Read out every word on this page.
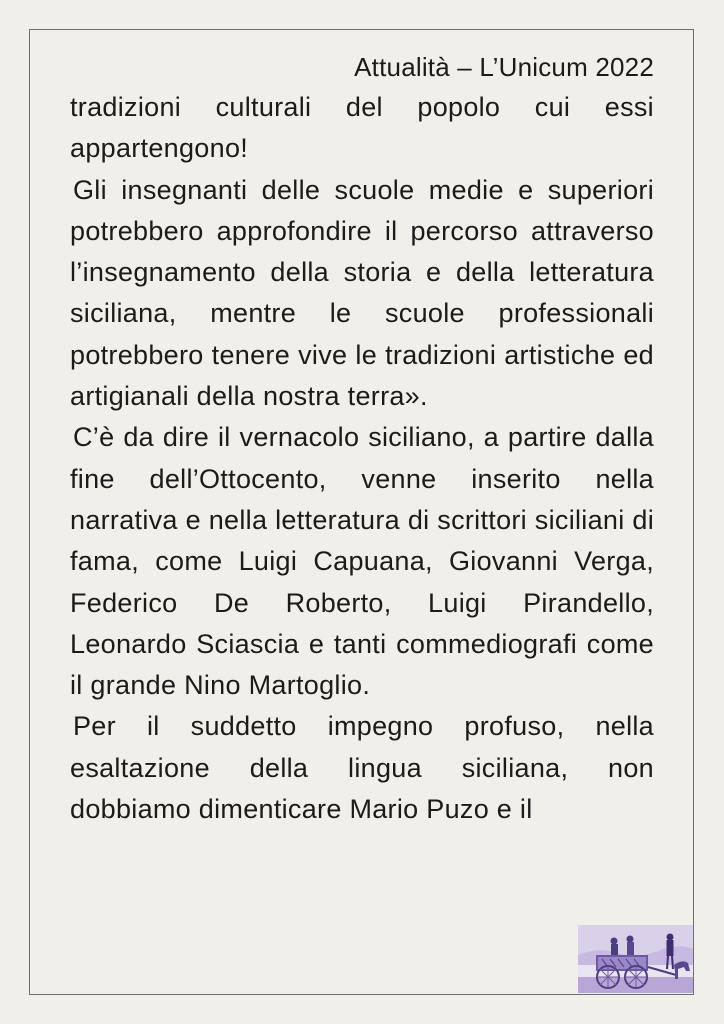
Attualità – L’Unicum 2022

tradizioni culturali del popolo cui essi appartengono!

Gli insegnanti delle scuole medie e superiori potrebbero approfondire il percorso attraverso l’insegnamento della storia e della letteratura siciliana, mentre le scuole professionali potrebbero tenere vive le tradizioni artistiche ed artigianali della nostra terra».

C’è da dire il vernacolo siciliano, a partire dalla fine dell’Ottocento, venne inserito nella narrativa e nella letteratura di scrittori siciliani di fama, come Luigi Capuana, Giovanni Verga, Federico De Roberto, Luigi Pirandello, Leonardo Sciascia e tanti commediografi come il grande Nino Martoglio.

Per il suddetto impegno profuso, nella esaltazione della lingua siciliana, non dobbiamo dimenticare Mario Puzo e il
